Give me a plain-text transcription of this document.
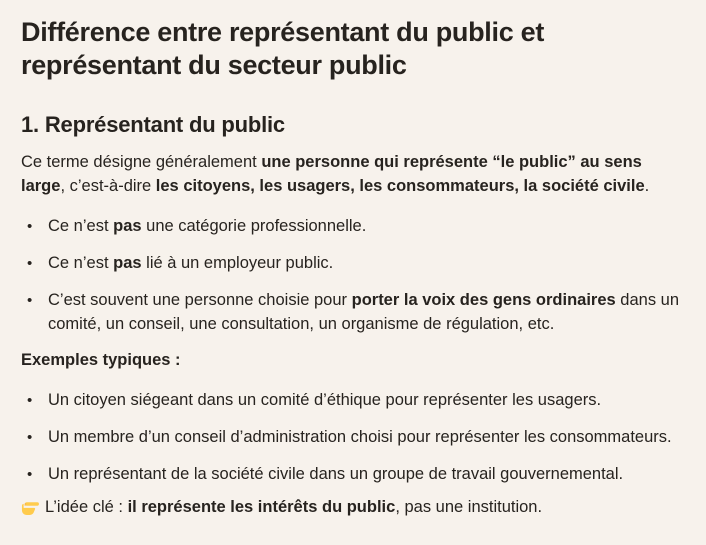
Différence entre représentant du public et représentant du secteur public
1. Représentant du public

Ce terme désigne généralement une personne qui représente “le public” au sens large, c’est-à-dire les citoyens, les usagers, les consommateurs, la société civile.

• Ce n’est pas une catégorie professionnelle.
• Ce n’est pas lié à un employeur public.
• C’est souvent une personne choisie pour porter la voix des gens ordinaires dans un comité, un conseil, une consultation, un organisme de régulation, etc.

Exemples typiques :

• Un citoyen siégeant dans un comité d’éthique pour représenter les usagers.
• Un membre d’un conseil d’administration choisi pour représenter les consommateurs.
• Un représentant de la société civile dans un groupe de travail gouvernemental.

L’idée clé : il représente les intérêts du public, pas une institution.
